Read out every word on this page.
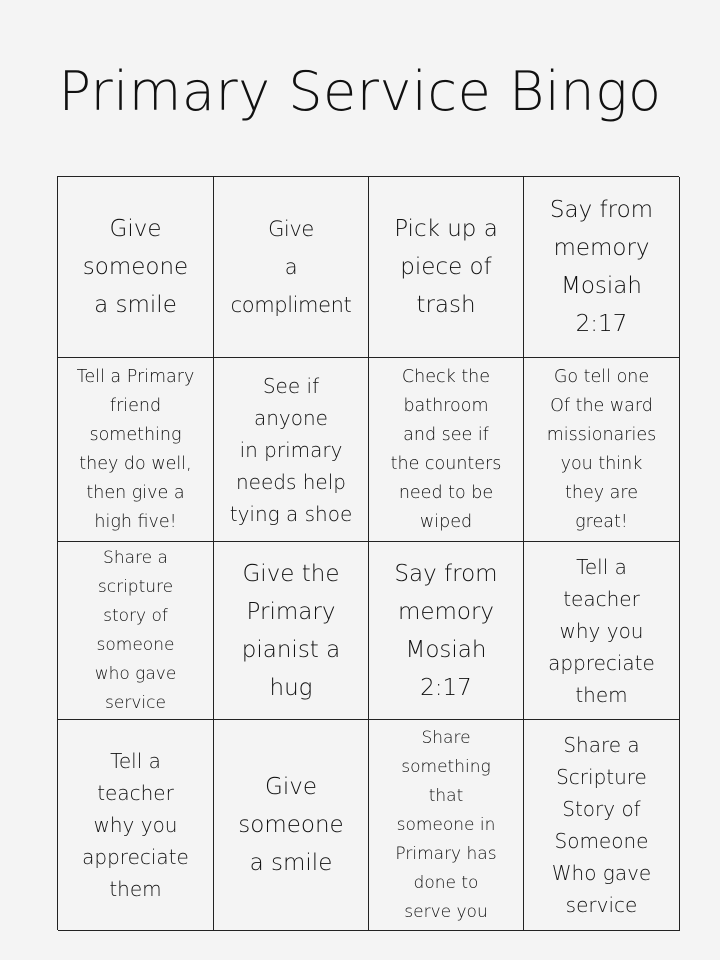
Primary Service Bingo
Give
someone
a smile
Give
a
compliment
Pick up a
piece of
trash
Say from
memory
Mosiah
2:17
Tell a Primary
friend
something
they do well,
then give a
high five!
See if
anyone
in primary
needs help
tying a shoe
Check the
bathroom
and see if
the counters
need to be
wiped
Go tell one
Of the ward
missionaries
you think
they are
great!
Share a
scripture
story of
someone
who gave
service
Give the
Primary
pianist a
hug
Say from
memory
Mosiah
2:17
Tell a
teacher
why you
appreciate
them
Tell a
teacher
why you
appreciate
them
Give
someone
a smile
Share
something
that
someone in
Primary has
done to
serve you
Share a
Scripture
Story of
Someone
Who gave
service
